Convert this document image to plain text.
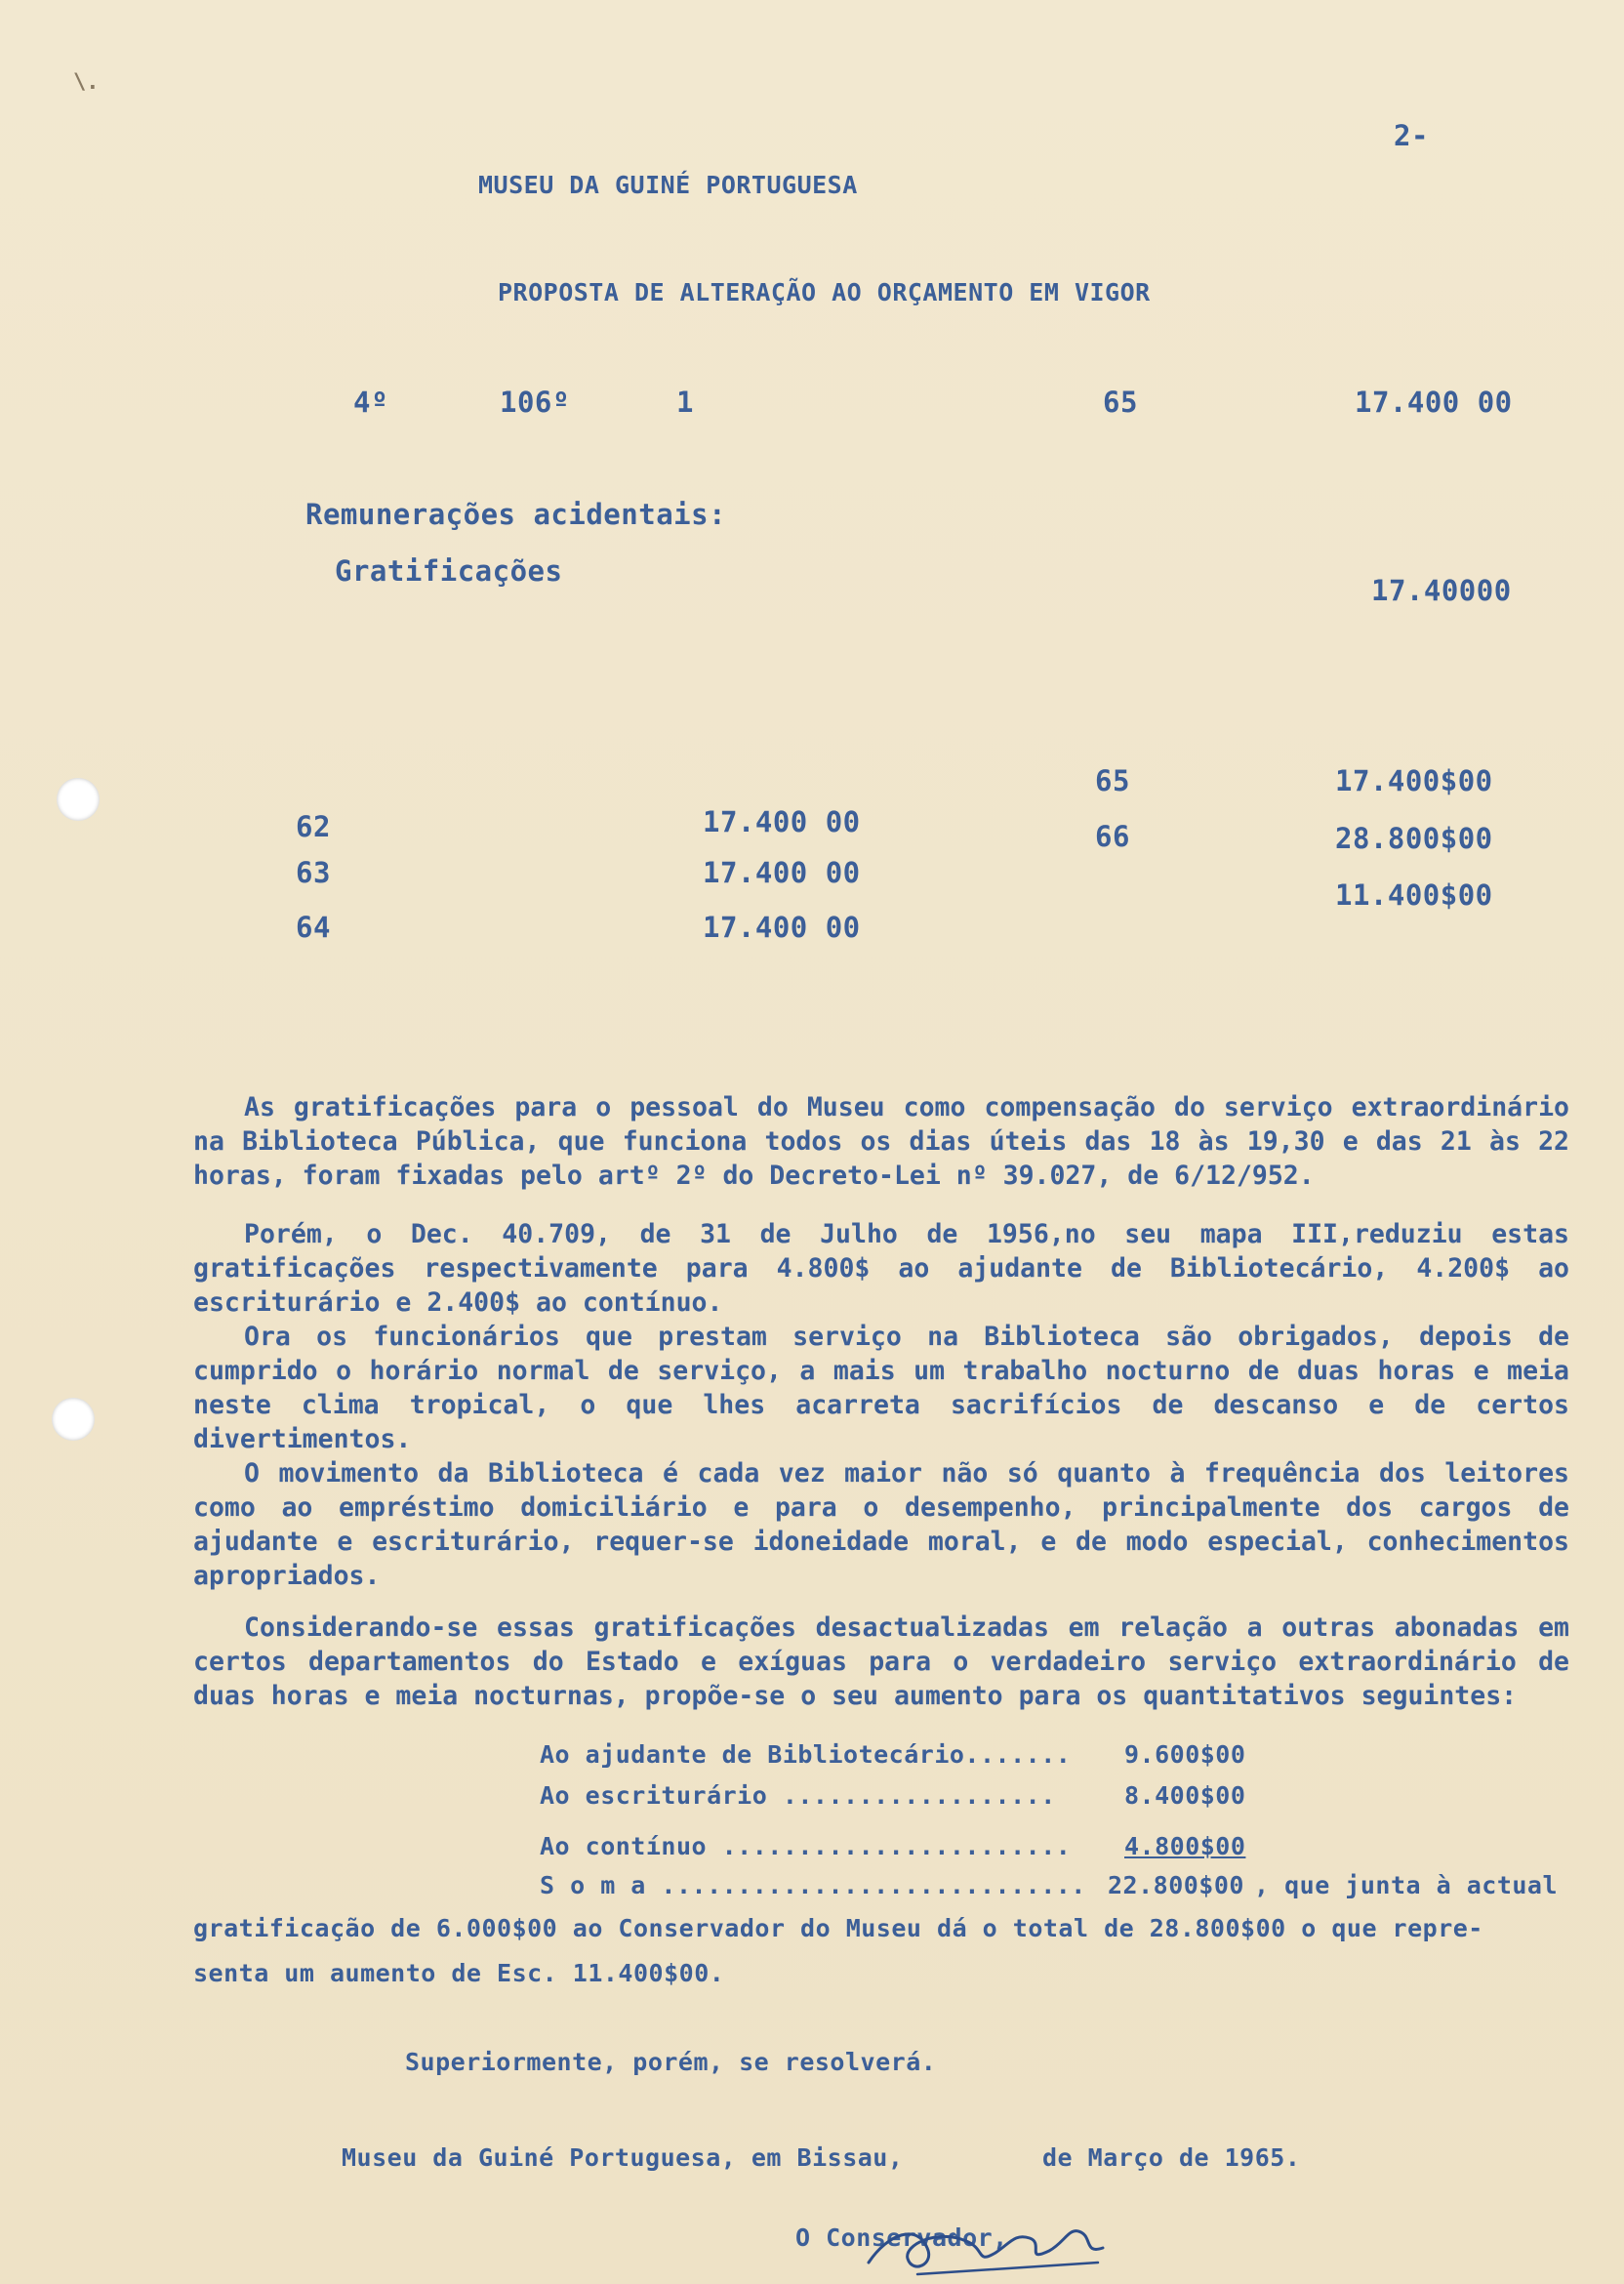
\.
2-
MUSEU DA GUINÉ PORTUGUESA
PROPOSTA DE ALTERAÇÃO AO ORÇAMENTO EM VIGOR
4º	106º	1	65	17.400 00
Remunerações acidentais:
Gratificações
17.40000
62	17.400 00
63	17.400 00
64	17.400 00
65	17.400$00
66	28.800$00
11.400$00
As gratificações para o pessoal do Museu como compensação do serviço extraordinário na Biblioteca Pública, que funciona todos os dias úteis das 18 às 19,30 e das 21 às 22 horas, foram fixadas pelo artº 2º do Decreto-Lei nº 39.027, de 6/12/952.
Porém, o Dec. 40.709, de 31 de Julho de 1956,no seu mapa III,reduziu estas gratificações respectivamente para 4.800$ ao ajudante de Bibliotecário, 4.200$ ao escriturário e 2.400$ ao contínuo.
Ora os funcionários que prestam serviço na Biblioteca são obrigados, depois de cumprido o horário normal de serviço, a mais um trabalho nocturno de duas horas e meia neste clima tropical, o que lhes acarreta sacrifícios de descanso e de certos divertimentos.
O movimento da Biblioteca é cada vez maior não só quanto à frequência dos leitores como ao empréstimo domiciliário e para o desempenho, principalmente dos cargos de ajudante e escriturário, requer-se idoneidade moral, e de modo especial, conhecimentos apropriados.
Considerando-se essas gratificações desactualizadas em relação a outras abonadas em certos departamentos do Estado e exíguas para o verdadeiro serviço extraordinário de duas horas e meia nocturnas, propõe-se o seu aumento para os quantitativos seguintes:
Ao ajudante de Bibliotecário....... 9.600$00
Ao escriturário ..................	8.400$00
Ao contínuo ....................... 4.800$00
S o m a ............................ 22.800$00 , que junta à actual
gratificação de 6.000$00 ao Conservador do Museu dá o total de 28.800$00 o que repre-
senta um aumento de Esc. 11.400$00.
Superiormente, porém, se resolverá.
Museu da Guiné Portuguesa, em Bissau,	de Março de 1965.
O Conservador,
